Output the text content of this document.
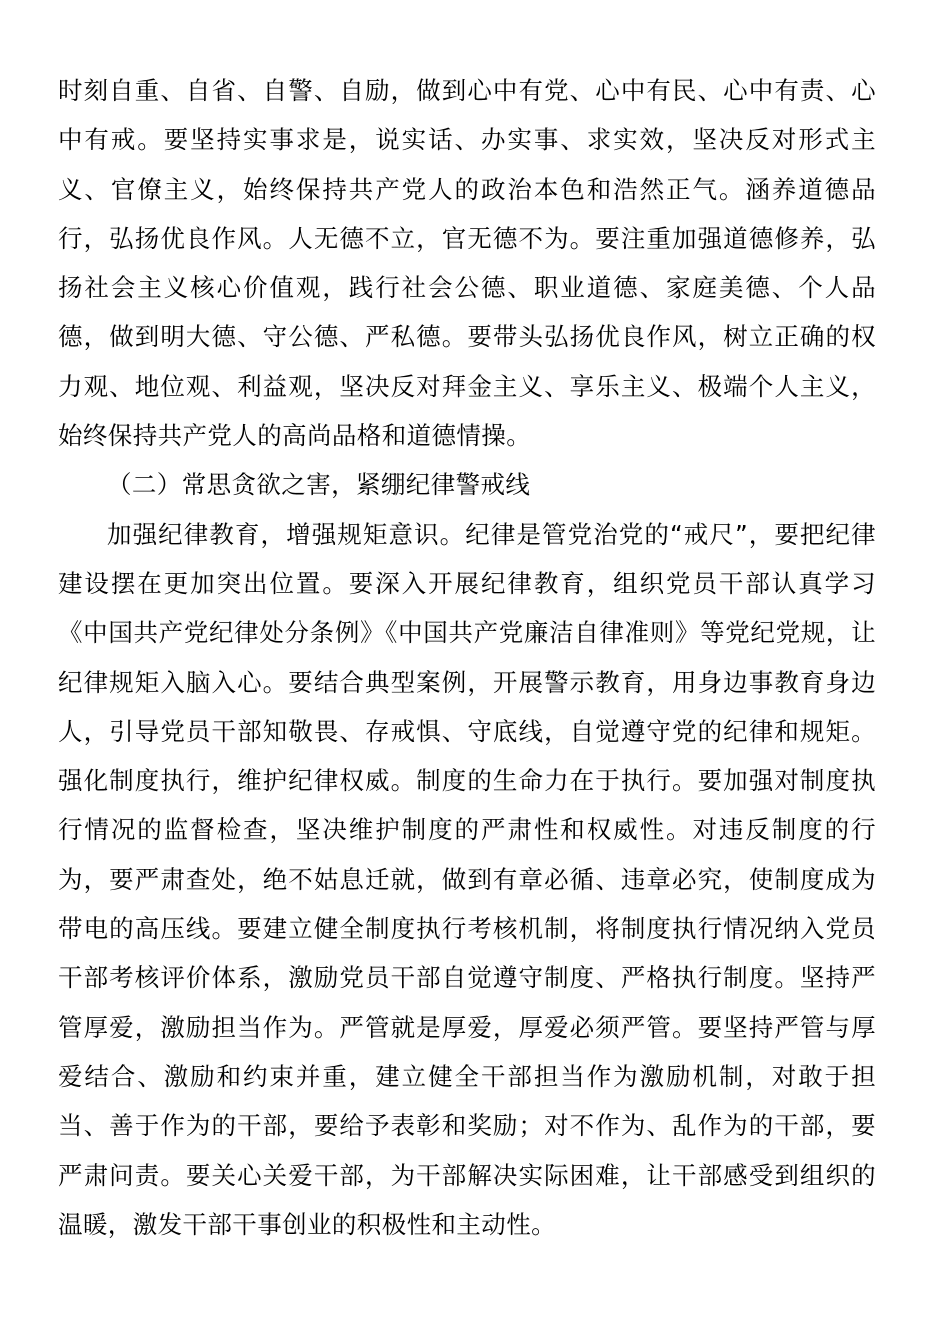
时刻自重、自省、自警、自励，做到心中有党、心中有民、心中有责、心中有戒。要坚持实事求是，说实话、办实事、求实效，坚决反对形式主义、官僚主义，始终保持共产党人的政治本色和浩然正气。涵养道德品行，弘扬优良作风。人无德不立，官无德不为。要注重加强道德修养，弘扬社会主义核心价值观，践行社会公德、职业道德、家庭美德、个人品德，做到明大德、守公德、严私德。要带头弘扬优良作风，树立正确的权力观、地位观、利益观，坚决反对拜金主义、享乐主义、极端个人主义，始终保持共产党人的高尚品格和道德情操。

（二）常思贪欲之害，紧绷纪律警戒线

加强纪律教育，增强规矩意识。纪律是管党治党的“戒尺”，要把纪律建设摆在更加突出位置。要深入开展纪律教育，组织党员干部认真学习《中国共产党纪律处分条例》《中国共产党廉洁自律准则》等党纪党规，让纪律规矩入脑入心。要结合典型案例，开展警示教育，用身边事教育身边人，引导党员干部知敬畏、存戒惧、守底线，自觉遵守党的纪律和规矩。强化制度执行，维护纪律权威。制度的生命力在于执行。要加强对制度执行情况的监督检查，坚决维护制度的严肃性和权威性。对违反制度的行为，要严肃查处，绝不姑息迁就，做到有章必循、违章必究，使制度成为带电的高压线。要建立健全制度执行考核机制，将制度执行情况纳入党员干部考核评价体系，激励党员干部自觉遵守制度、严格执行制度。坚持严管厚爱，激励担当作为。严管就是厚爱，厚爱必须严管。要坚持严管与厚爱结合、激励和约束并重，建立健全干部担当作为激励机制，对敢于担当、善于作为的干部，要给予表彰和奖励；对不作为、乱作为的干部，要严肃问责。要关心关爱干部，为干部解决实际困难，让干部感受到组织的温暖，激发干部干事创业的积极性和主动性。
